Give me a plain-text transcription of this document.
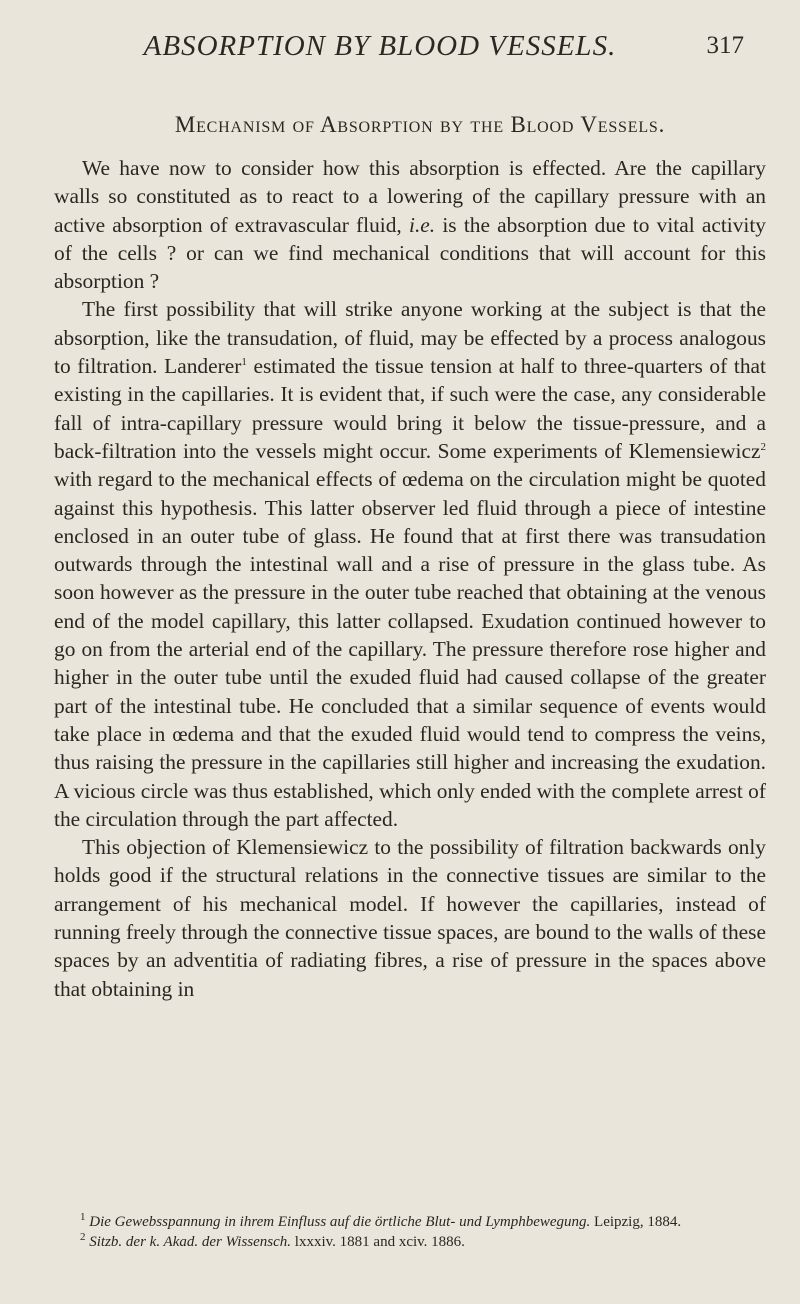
ABSORPTION BY BLOOD VESSELS.	317
Mechanism of Absorption by the Blood Vessels.

We have now to consider how this absorption is effected. Are the capillary walls so constituted as to react to a lowering of the capillary pressure with an active absorption of extravascular fluid, i.e. is the absorption due to vital activity of the cells ? or can we find mechanical conditions that will account for this absorption ?

The first possibility that will strike anyone working at the subject is that the absorption, like the transudation, of fluid, may be effected by a process analogous to filtration. Landerer$^1$ estimated the tissue tension at half to three-quarters of that existing in the capillaries. It is evident that, if such were the case, any considerable fall of intra-capillary pressure would bring it below the tissue-pressure, and a back-filtration into the vessels might occur. Some experiments of Klemensiewicz$^2$ with regard to the mechanical effects of œdema on the circulation might be quoted against this hypothesis. This latter observer led fluid through a piece of intestine enclosed in an outer tube of glass. He found that at first there was transudation outwards through the intestinal wall and a rise of pressure in the glass tube. As soon however as the pressure in the outer tube reached that obtaining at the venous end of the model capillary, this latter collapsed. Exudation continued however to go on from the arterial end of the capillary. The pressure therefore rose higher and higher in the outer tube until the exuded fluid had caused collapse of the greater part of the intestinal tube. He concluded that a similar sequence of events would take place in œdema and that the exuded fluid would tend to compress the veins, thus raising the pressure in the capillaries still higher and increasing the exudation. A vicious circle was thus established, which only ended with the complete arrest of the circulation through the part affected.

This objection of Klemensiewicz to the possibility of filtration backwards only holds good if the structural relations in the connective tissues are similar to the arrangement of his mechanical model. If however the capillaries, instead of running freely through the connective tissue spaces, are bound to the walls of these spaces by an adventitia of radiating fibres, a rise of pressure in the spaces above that obtaining in

$^1$ Die Gewebsspannung in ihrem Einfluss auf die örtliche Blut- und Lymphbewegung. Leipzig, 1884.

$^2$ Sitzb. der k. Akad. der Wissensch. lxxxiv. 1881 and xciv. 1886.
